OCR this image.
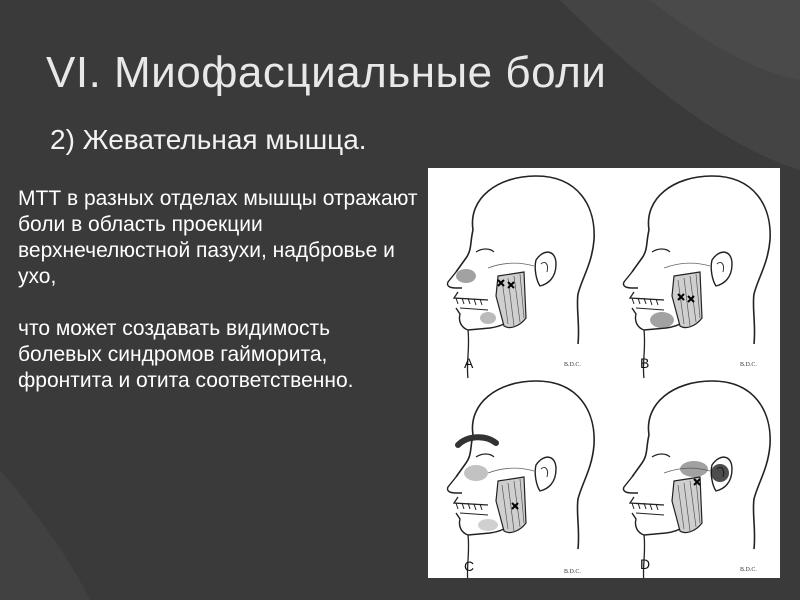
VI. Миофасциальные боли
2) Жевательная мышца.

МТТ в разных отделах мышцы отражают боли в область проекции верхнечелюстной пазухи, надбровье и ухо,

что может создавать видимость болевых синдромов гайморита, фронтита и отита соответственно.

A	B.D.C.	B	B.D.C.
C	B.D.C.	D	B.D.C.
